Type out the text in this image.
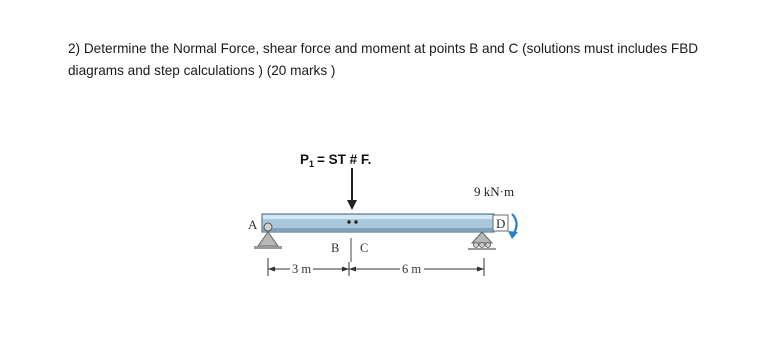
2) Determine the Normal Force, shear force and moment at points B and C (solutions must includes FBD
diagrams and step calculations ) (20 marks )
$P_1$ = ST # F.
9 kN·m
A	D
B C
3 m	6 m
